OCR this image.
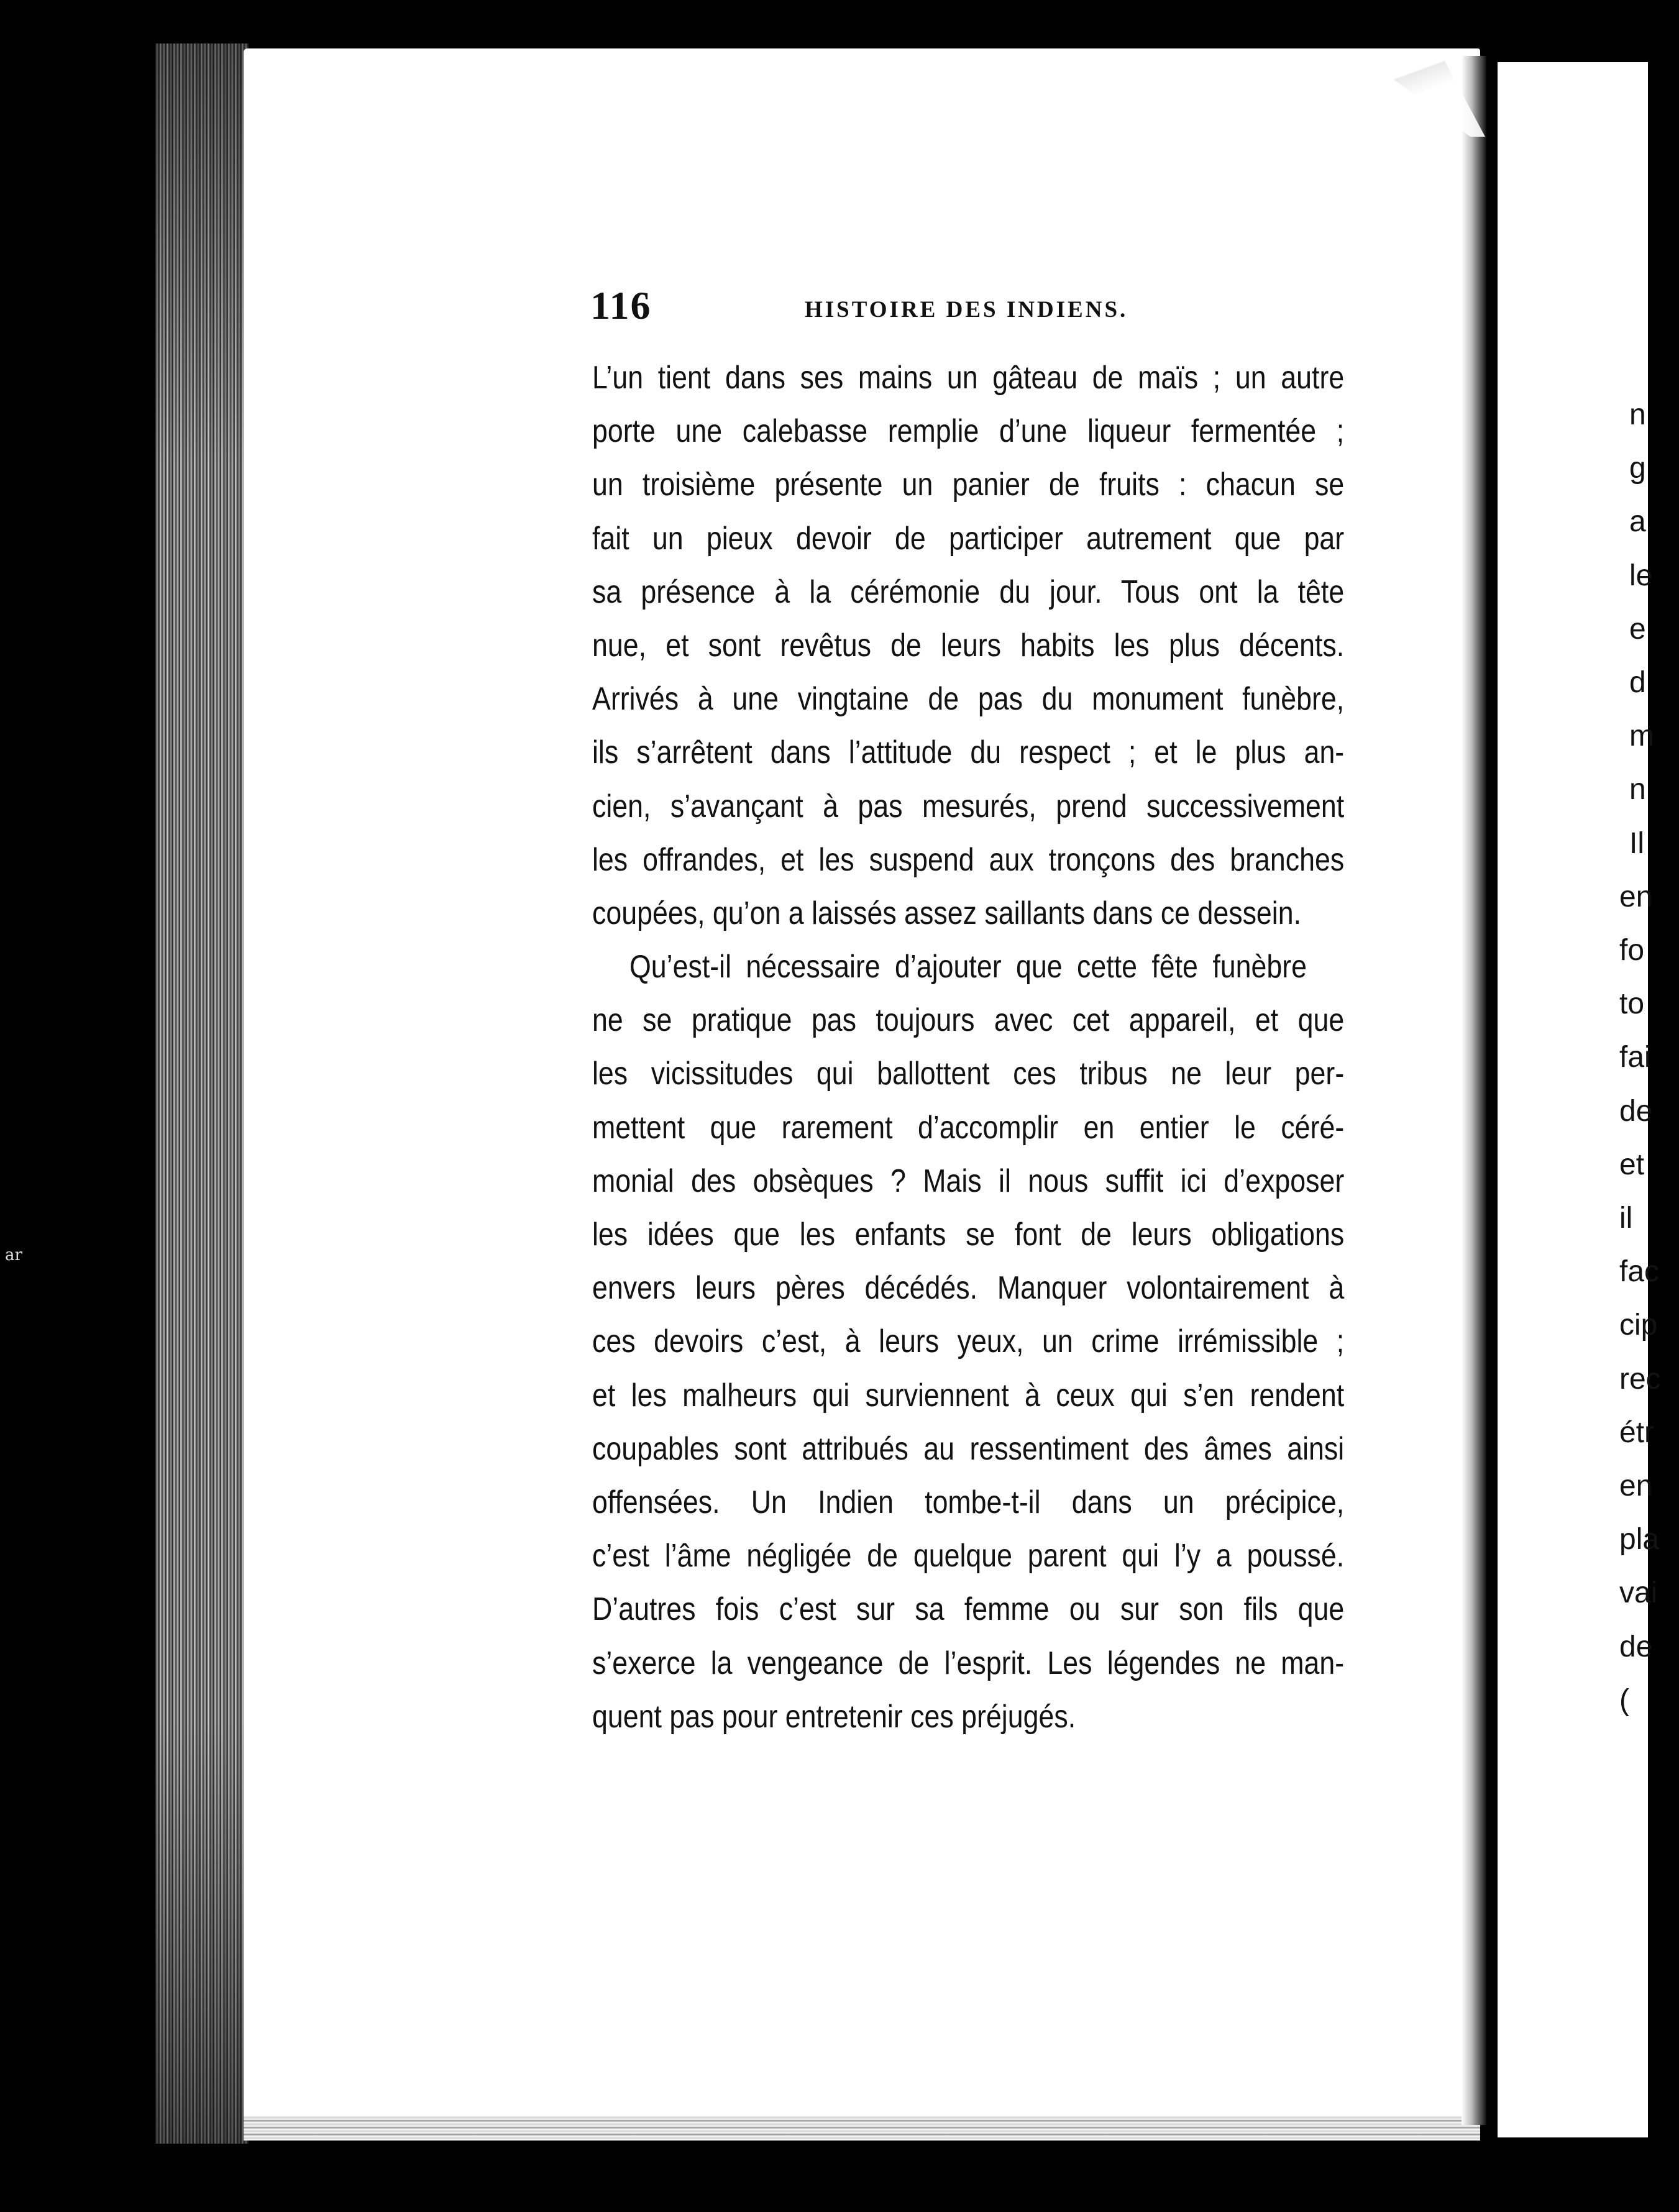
116	HISTOIRE DES INDIENS.
L’un tient dans ses mains un gâteau de maïs ; un autre
porte une calebasse remplie d’une liqueur fermentée ;
un troisième présente un panier de fruits : chacun se
fait un pieux devoir de participer autrement que par
sa présence à la cérémonie du jour. Tous ont la tête
nue, et sont revêtus de leurs habits les plus décents.
Arrivés à une vingtaine de pas du monument funèbre,
ils s’arrêtent dans l’attitude du respect ; et le plus an-
cien, s’avançant à pas mesurés, prend successivement
les offrandes, et les suspend aux tronçons des branches
coupées, qu’on a laissés assez saillants dans ce dessein.
Qu’est-il nécessaire d’ajouter que cette fête funèbre
ne se pratique pas toujours avec cet appareil, et que
les vicissitudes qui ballottent ces tribus ne leur per-
mettent que rarement d’accomplir en entier le céré-
monial des obsèques ? Mais il nous suffit ici d’exposer
les idées que les enfants se font de leurs obligations
envers leurs pères décédés. Manquer volontairement à
ces devoirs c’est, à leurs yeux, un crime irrémissible ;
et les malheurs qui surviennent à ceux qui s’en rendent
coupables sont attribués au ressentiment des âmes ainsi
offensées. Un Indien tombe-t-il dans un précipice,
c’est l’âme négligée de quelque parent qui l’y a poussé.
D’autres fois c’est sur sa femme ou sur son fils que
s’exerce la vengeance de l’esprit. Les légendes ne man-
quent pas pour entretenir ces préjugés.
n
g
a
le
e
d
m
n
Il
en
fo
to
fai
de
et
il
fac
cip
rec
étr
en
pla
vai
de
(
ar
